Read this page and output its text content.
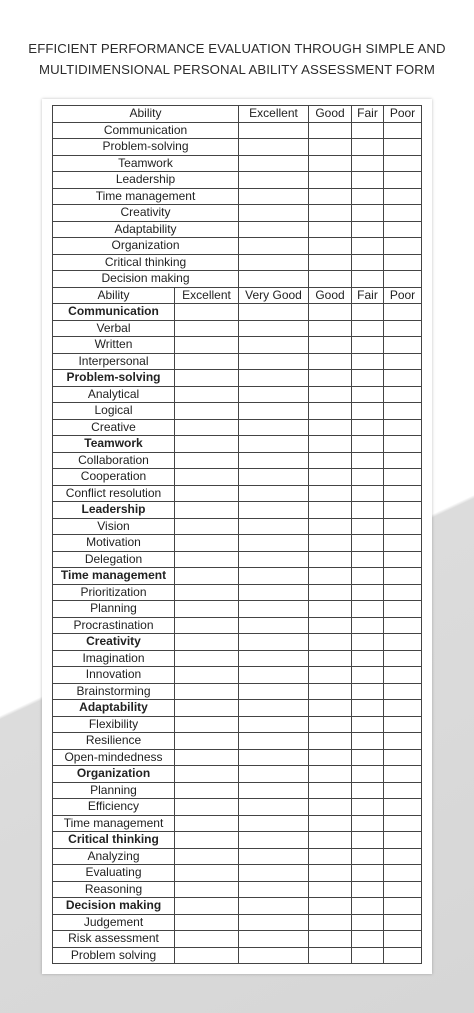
EFFICIENT PERFORMANCE EVALUATION THROUGH SIMPLE AND
MULTIDIMENSIONAL PERSONAL ABILITY ASSESSMENT FORM
Ability		Excellent	Good	Fair	Poor
Communication					
Problem-solving					
Teamwork					
Leadership					
Time management					
Creativity					
Adaptability					
Organization					
Critical thinking					
Decision making					
Ability	Excellent	Very Good	Good	Fair	Poor
Communication					
Verbal					
Written					
Interpersonal					
Problem-solving					
Analytical					
Logical					
Creative					
Teamwork					
Collaboration					
Cooperation					
Conflict resolution					
Leadership					
Vision					
Motivation					
Delegation					
Time management					
Prioritization					
Planning					
Procrastination					
Creativity					
Imagination					
Innovation					
Brainstorming					
Adaptability					
Flexibility					
Resilience					
Open-mindedness					
Organization					
Planning					
Efficiency					
Time management					
Critical thinking					
Analyzing					
Evaluating					
Reasoning					
Decision making					
Judgement					
Risk assessment					
Problem solving					
